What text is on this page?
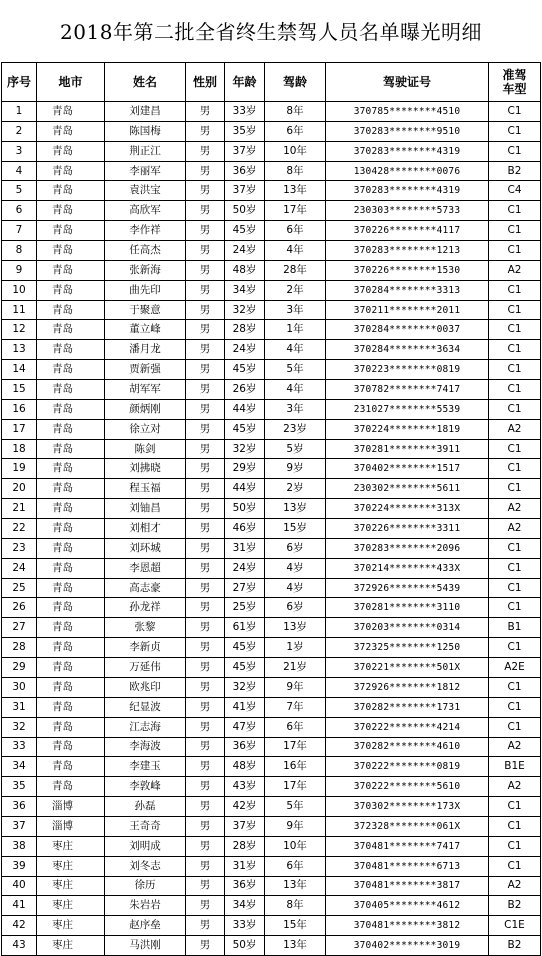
2018年第二批全省终生禁驾人员名单曝光明细
序号	地市	姓名	性别	年龄	驾龄	驾驶证号	准驾车型

1	青岛	刘建昌	男	33岁	8年	370785********4510	C1
2	青岛	陈国梅	男	35岁	6年	370283********9510	C1
3	青岛	荆正江	男	37岁	10年	370283********4319	C1
4	青岛	李丽军	男	36岁	8年	130428********0076	B2
5	青岛	袁洪宝	男	37岁	13年	370283********4319	C4
6	青岛	高欣军	男	50岁	17年	230303********5733	C1
7	青岛	李作祥	男	45岁	6年	370226********4117	C1
8	青岛	任高杰	男	24岁	4年	370283********1213	C1
9	青岛	张新海	男	48岁	28年	370226********1530	A2
10	青岛	曲先印	男	34岁	2年	370284********3313	C1
11	青岛	于聚意	男	32岁	3年	370211********2011	C1
12	青岛	董立峰	男	28岁	1年	370284********0037	C1
13	青岛	潘月龙	男	24岁	4年	370284********3634	C1
14	青岛	贾新强	男	45岁	5年	370223********0819	C1
15	青岛	胡军军	男	26岁	4年	370782********7417	C1
16	青岛	颜炳刚	男	44岁	3年	231027********5539	C1
17	青岛	徐立对	男	45岁	23岁	370224********1819	A2
18	青岛	陈剑	男	32岁	5岁	370281********3911	C1
19	青岛	刘拂晓	男	29岁	9岁	370402********1517	C1
20	青岛	程玉福	男	44岁	2岁	230302********5611	C1
21	青岛	刘铀昌	男	50岁	13岁	370224********313X	A2
22	青岛	刘相才	男	46岁	15岁	370226********3311	A2
23	青岛	刘环城	男	31岁	6岁	370283********2096	C1
24	青岛	李恩超	男	24岁	4岁	370214********433X	C1
25	青岛	高志豪	男	27岁	4岁	372926********5439	C1
26	青岛	孙龙祥	男	25岁	6岁	370281********3110	C1
27	青岛	张黎	男	61岁	13岁	370203********0314	B1
28	青岛	李新贞	男	45岁	1岁	372325********1250	C1
29	青岛	万延伟	男	45岁	21岁	370221********501X	A2E
30	青岛	欧兆印	男	32岁	9年	372926********1812	C1
31	青岛	纪显波	男	41岁	7年	370282********1731	C1
32	青岛	江志海	男	47岁	6年	370222********4214	C1
33	青岛	李海波	男	36岁	17年	370282********4610	A2
34	青岛	李建玉	男	48岁	16年	370222********0819	B1E
35	青岛	李敦峰	男	43岁	17年	370222********5610	A2
36	淄博	孙磊	男	42岁	5年	370302********173X	C1
37	淄博	王奇奇	男	37岁	9年	372328********061X	C1
38	枣庄	刘明成	男	28岁	10年	370481********7417	C1
39	枣庄	刘冬志	男	31岁	6年	370481********6713	C1
40	枣庄	徐历	男	36岁	13年	370481********3817	A2
41	枣庄	朱岩岩	男	34岁	8年	370405********4612	B2
42	枣庄	赵序垒	男	33岁	15年	370481********3812	C1E
43	枣庄	马洪刚	男	50岁	13年	370402********3019	B2
